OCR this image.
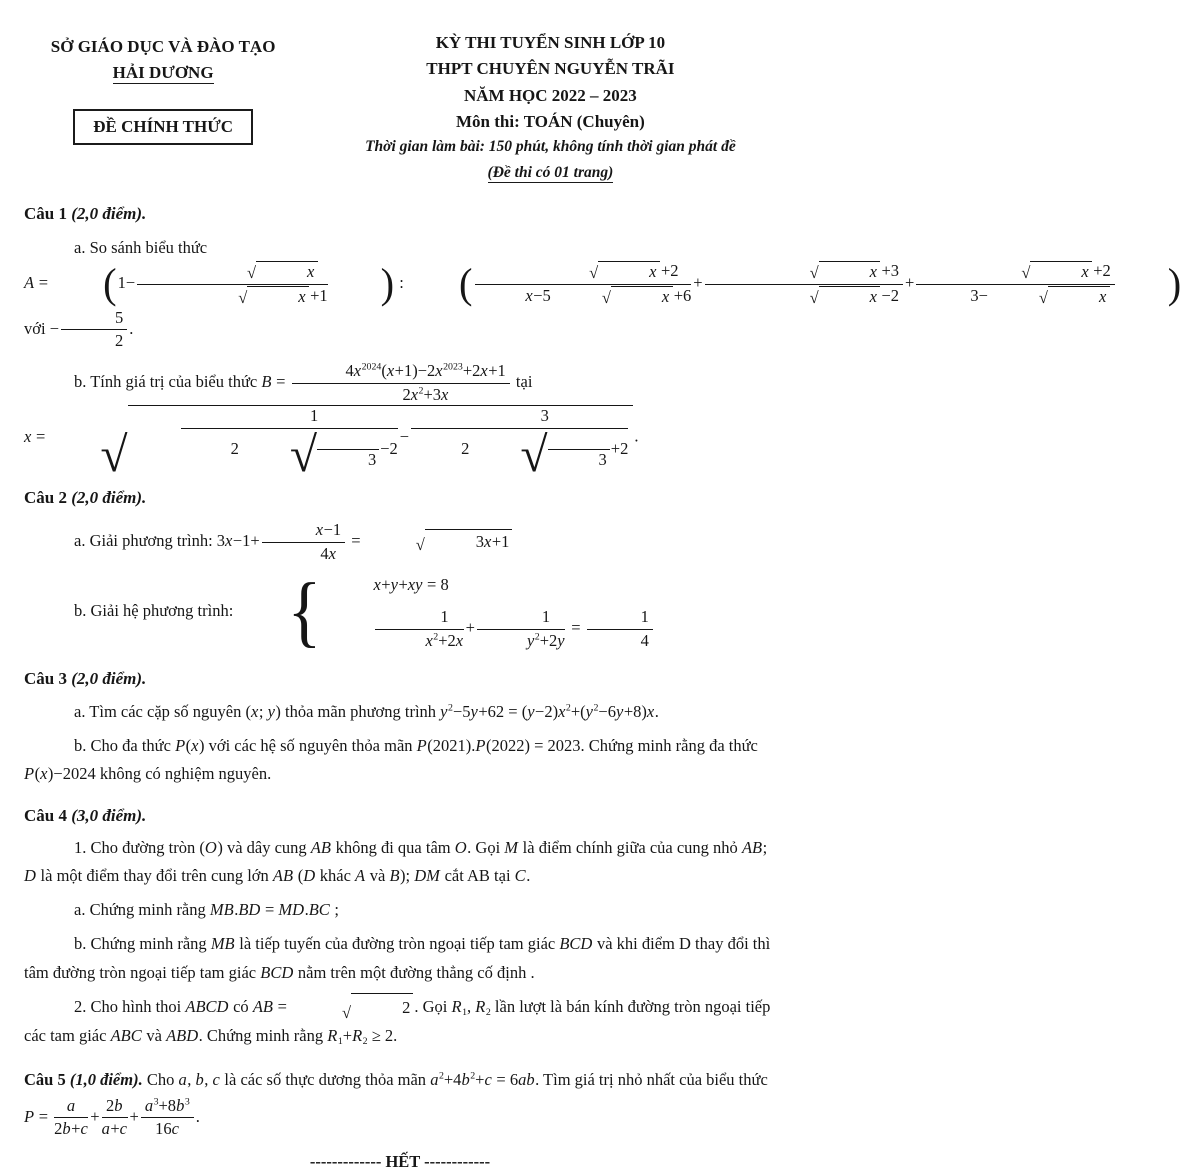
SỞ GIÁO DỤC VÀ ĐÀO TẠO
HẢI DƯƠNG
ĐỀ CHÍNH THỨC
KỲ THI TUYỂN SINH LỚP 10
THPT CHUYÊN NGUYỄN TRÃI
NĂM HỌC 2022 – 2023
Môn thi: TOÁN (Chuyên)
Thời gian làm bài: 150 phút, không tính thời gian phát đề
(Đề thi có 01 trang)

Câu 1 (2,0 điểm).

a. So sánh biểu thức A = (1− √	x
√	x +1 ) : ( √	x +2
x−5	√	x +6 + √	x +3
√	x −2 + √	x +2
3−	√	x ) với − $\frac{5}{2}$ .

b. Tính giá trị của biểu thức $B = \frac{4x^{2024}(x+1)-2x^{2023}+2x+1}{2x^2+3x}$ tại x =	√	1
2	√	3
−2 − 3
2	√	3
+2 .

Câu 2 (2,0 điểm).

a. Giải phương trình: $3x-1+ \frac{x-1}{4x}$ =	√	3x+1

b. Giải hệ phương trình: {	x+y+xy = 8
$\frac{1}{x^2+2x} + \frac{1}{y^2+2y} = \frac{1}{4}$

Câu 3 (2,0 điểm).

a. Tìm các cặp số nguyên (x; y) thỏa mãn phương trình $y^2-5y+62 = (y-2)x^2+(y^2-6y+8)x$.

b. Cho đa thức P(x) với các hệ số nguyên thỏa mãn P(2021).P(2022) = 2023. Chứng minh rằng đa thức P(x)−2024 không có nghiệm nguyên.

Câu 4 (3,0 điểm).

1. Cho đường tròn (O) và dây cung AB không đi qua tâm O. Gọi M là điểm chính giữa của cung nhỏ AB; D là một điểm thay đổi trên cung lớn AB (D khác A và B); DM cắt AB tại C.

a. Chứng minh rằng MB.BD = MD.BC ;

b. Chứng minh rằng MB là tiếp tuyến của đường tròn ngoại tiếp tam giác BCD và khi điểm D thay đổi thì tâm đường tròn ngoại tiếp tam giác BCD nằm trên một đường thẳng cố định .

2. Cho hình thoi ABCD có AB =	√	2 . Gọi $R_1$, $R_2$ lần lượt là bán kính đường tròn ngoại tiếp các tam giác ABC và ABD. Chứng minh rằng $R_1+R_2 \ge 2$.

Câu 5 (1,0 điểm). Cho a, b, c là các số thực dương thỏa mãn $a^2+4b^2+c = 6ab$. Tìm giá trị nhỏ nhất của biểu thức $P = \frac{a}{2b+c} + \frac{2b}{a+c} + \frac{a^3+8b^3}{16c}$ .

------------- HẾT ------------
